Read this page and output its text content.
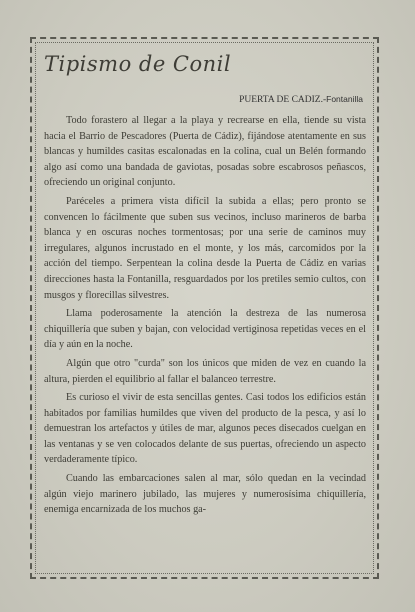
Tipismo de Conil

PUERTA DE CADIZ.-Fontanilla

Todo forastero al llegar a la playa y recrearse en ella, tiende su vista hacia el Barrio de Pescadores (Puerta de Cádiz), fijándose atentamente en sus blancas y humildes casitas escalonadas en la colina, cual un Belén formando algo así como una bandada de gaviotas, posadas sobre escabrosos peñascos, ofreciendo un original conjunto.

Paréceles a primera vista difícil la subida a ellas; pero pronto se convencen lo fácilmente que suben sus vecinos, incluso marineros de barba blanca y en oscuras noches tormentosas; por una serie de caminos muy irregulares, algunos incrustado en el monte, y los más, carcomidos por la acción del tiempo. Serpentean la colina desde la Puerta de Cádiz en varias direcciones hasta la Fontanilla, resguardados por los pretiles semio cultos, con musgos y florecillas silvestres.

Llama poderosamente la atención la destreza de las numerosa chiquillería que suben y bajan, con velocidad vertiginosa repetidas veces en el día y aún en la noche.

Algún que otro "curda" son los únicos que miden de vez en cuando la altura, pierden el equilibrio al fallar el balanceo terrestre.

Es curioso el vivir de esta sencillas gentes. Casi todos los edificios están habitados por familias humildes que viven del producto de la pesca, y así lo demuestran los artefactos y útiles de mar, algunos peces disecados cuelgan en las ventanas y se ven colocados delante de sus puertas, ofreciendo un aspecto verdaderamente típico.

Cuando las embarcaciones salen al mar, sólo quedan en la vecindad algún viejo marinero jubilado, las mujeres y numerosísima chiquillería, enemiga encarnizada de los muchos ga-
